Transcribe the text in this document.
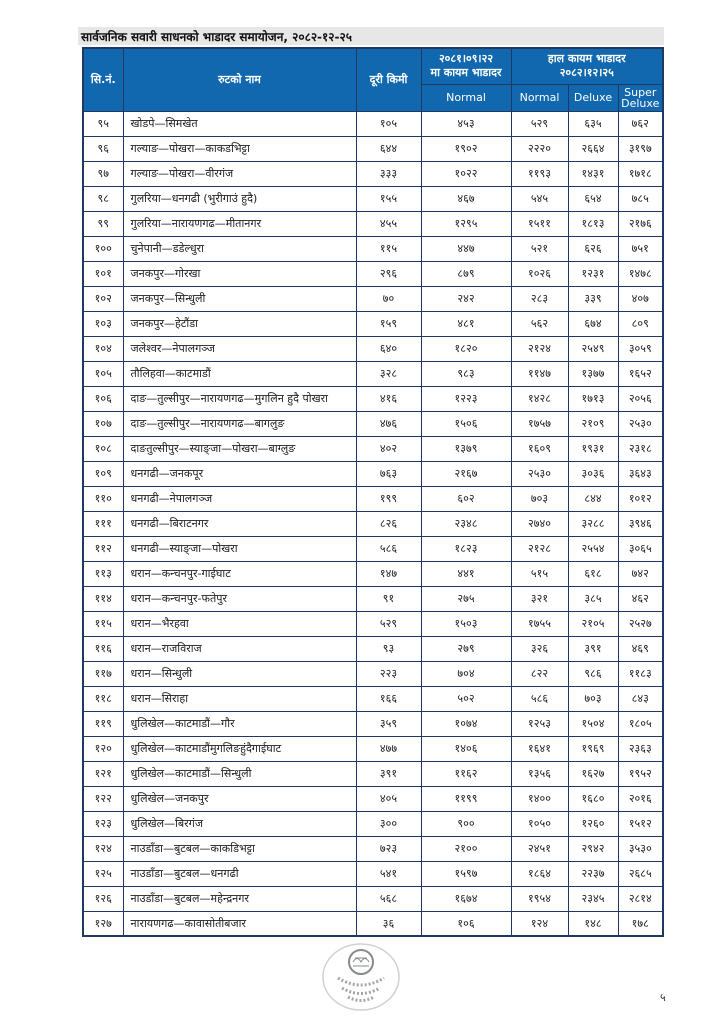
सार्वजनिक सवारी साधनको भाडादर समायोजन, २०८२-१२-२५
सि.नं.	रुटको नाम	दूरी किमी	२०८१।०९।२२
मा कायम भाडादर	हाल कायम भाडादर
२०८२।१२।२५		

			Normal	Normal	Deluxe	Super
Deluxe
९५	खोडपे—सिमखेत	१०५	४५३	५२९	६३५	७६२
९६	गल्याङ—पोखरा—काकडभिट्टा	६४४	१९०२	२२२०	२६६४	३१९७
९७	गल्याङ—पोखरा—वीरगंज	३३३	१०२२	११९३	१४३१	१७१८
९८	गुलरिया—धनगढी (भुरीगाउं हुदै)	१५५	४६७	५४५	६५४	७८५
९९	गुलरिया—नारायणगढ—मीतानगर	४५५	१२९५	१५११	१८१३	२१७६
१००	चुनेपानी—डडेल्धुरा	११५	४४७	५२१	६२६	७५१
१०१	जनकपुर—गोरखा	२९६	८७९	१०२६	१२३१	१४७८
१०२	जनकपुर—सिन्धुली	७०	२४२	२८३	३३९	४०७
१०३	जनकपुर—हेटौंडा	१५९	४८१	५६२	६७४	८०९
१०४	जलेश्वर—नेपालगञ्ज	६४०	१८२०	२१२४	२५४९	३०५९
१०५	तौलिहवा—काटमाडौं	३२८	९८३	११४७	१३७७	१६५२
१०६	दाङ—तुल्सीपुर—नारायणगढ—मुगलिन हुदै पोखरा	४१६	१२२३	१४२८	१७१३	२०५६
१०७	दाङ—तुल्सीपुर—नारायणगढ—बागलुङ	४७६	१५०६	१७५७	२१०९	२५३०
१०८	दाङतुल्सीपुर—स्याङ्जा—पोखरा—बाग्लुङ	४०२	१३७९	१६०९	१९३१	२३१८
१०९	धनगढी—जनकपूर	७६३	२१६७	२५३०	३०३६	३६४३
११०	धनगढी—नेपालगञ्ज	१९९	६०२	७०३	८४४	१०१२
१११	धनगढी—बिराटनगर	८२६	२३४८	२७४०	३२८८	३९४६
११२	धनगढी—स्याङ्जा—पोखरा	५८६	१८२३	२१२८	२५५४	३०६५
११३	धरान—कन्चनपुर-गाईघाट	१४७	४४१	५१५	६१८	७४२
११४	धरान—कन्चनपुर-फतेपुर	९१	२७५	३२१	३८५	४६२
११५	धरान—भैरहवा	५२९	१५०३	१७५५	२१०५	२५२७
११६	धरान—राजविराज	९३	२७९	३२६	३९१	४६९
११७	धरान—सिन्धुली	२२३	७०४	८२२	९८६	११८३
११८	धरान—सिराहा	१६६	५०२	५८६	७०३	८४३
११९	धुलिखेल—काटमाडौं—गौर	३५९	१०७४	१२५३	१५०४	१८०५
१२०	धुलिखेल—काटमाडौंमुगलिङहुंदैगाईघाट	४७७	१४०६	१६४१	१९६९	२३६३
१२१	धुलिखेल—काटमाडौं—सिन्धुली	३९१	११६२	१३५६	१६२७	१९५२
१२२	धुलिखेल—जनकपुर	४०५	११९९	१४००	१६८०	२०१६
१२३	धुलिखेल—बिरगंज	३००	९००	१०५०	१२६०	१५१२
१२४	नाउडाँडा—बुटबल—काकडिभट्टा	७२३	२१००	२४५१	२९४२	३५३०
१२५	नाउडाँडा—बुटबल—धनगढी	५४१	१५९७	१८६४	२२३७	२६८५
१२६	नाउडाँडा—बुटबल—महेन्द्रनगर	५६८	१६७४	१९५४	२३४५	२८१४
१२७	नारायणगढ—कावासोतीबजार	३६	१०६	१२४	१४८	१७८
५
